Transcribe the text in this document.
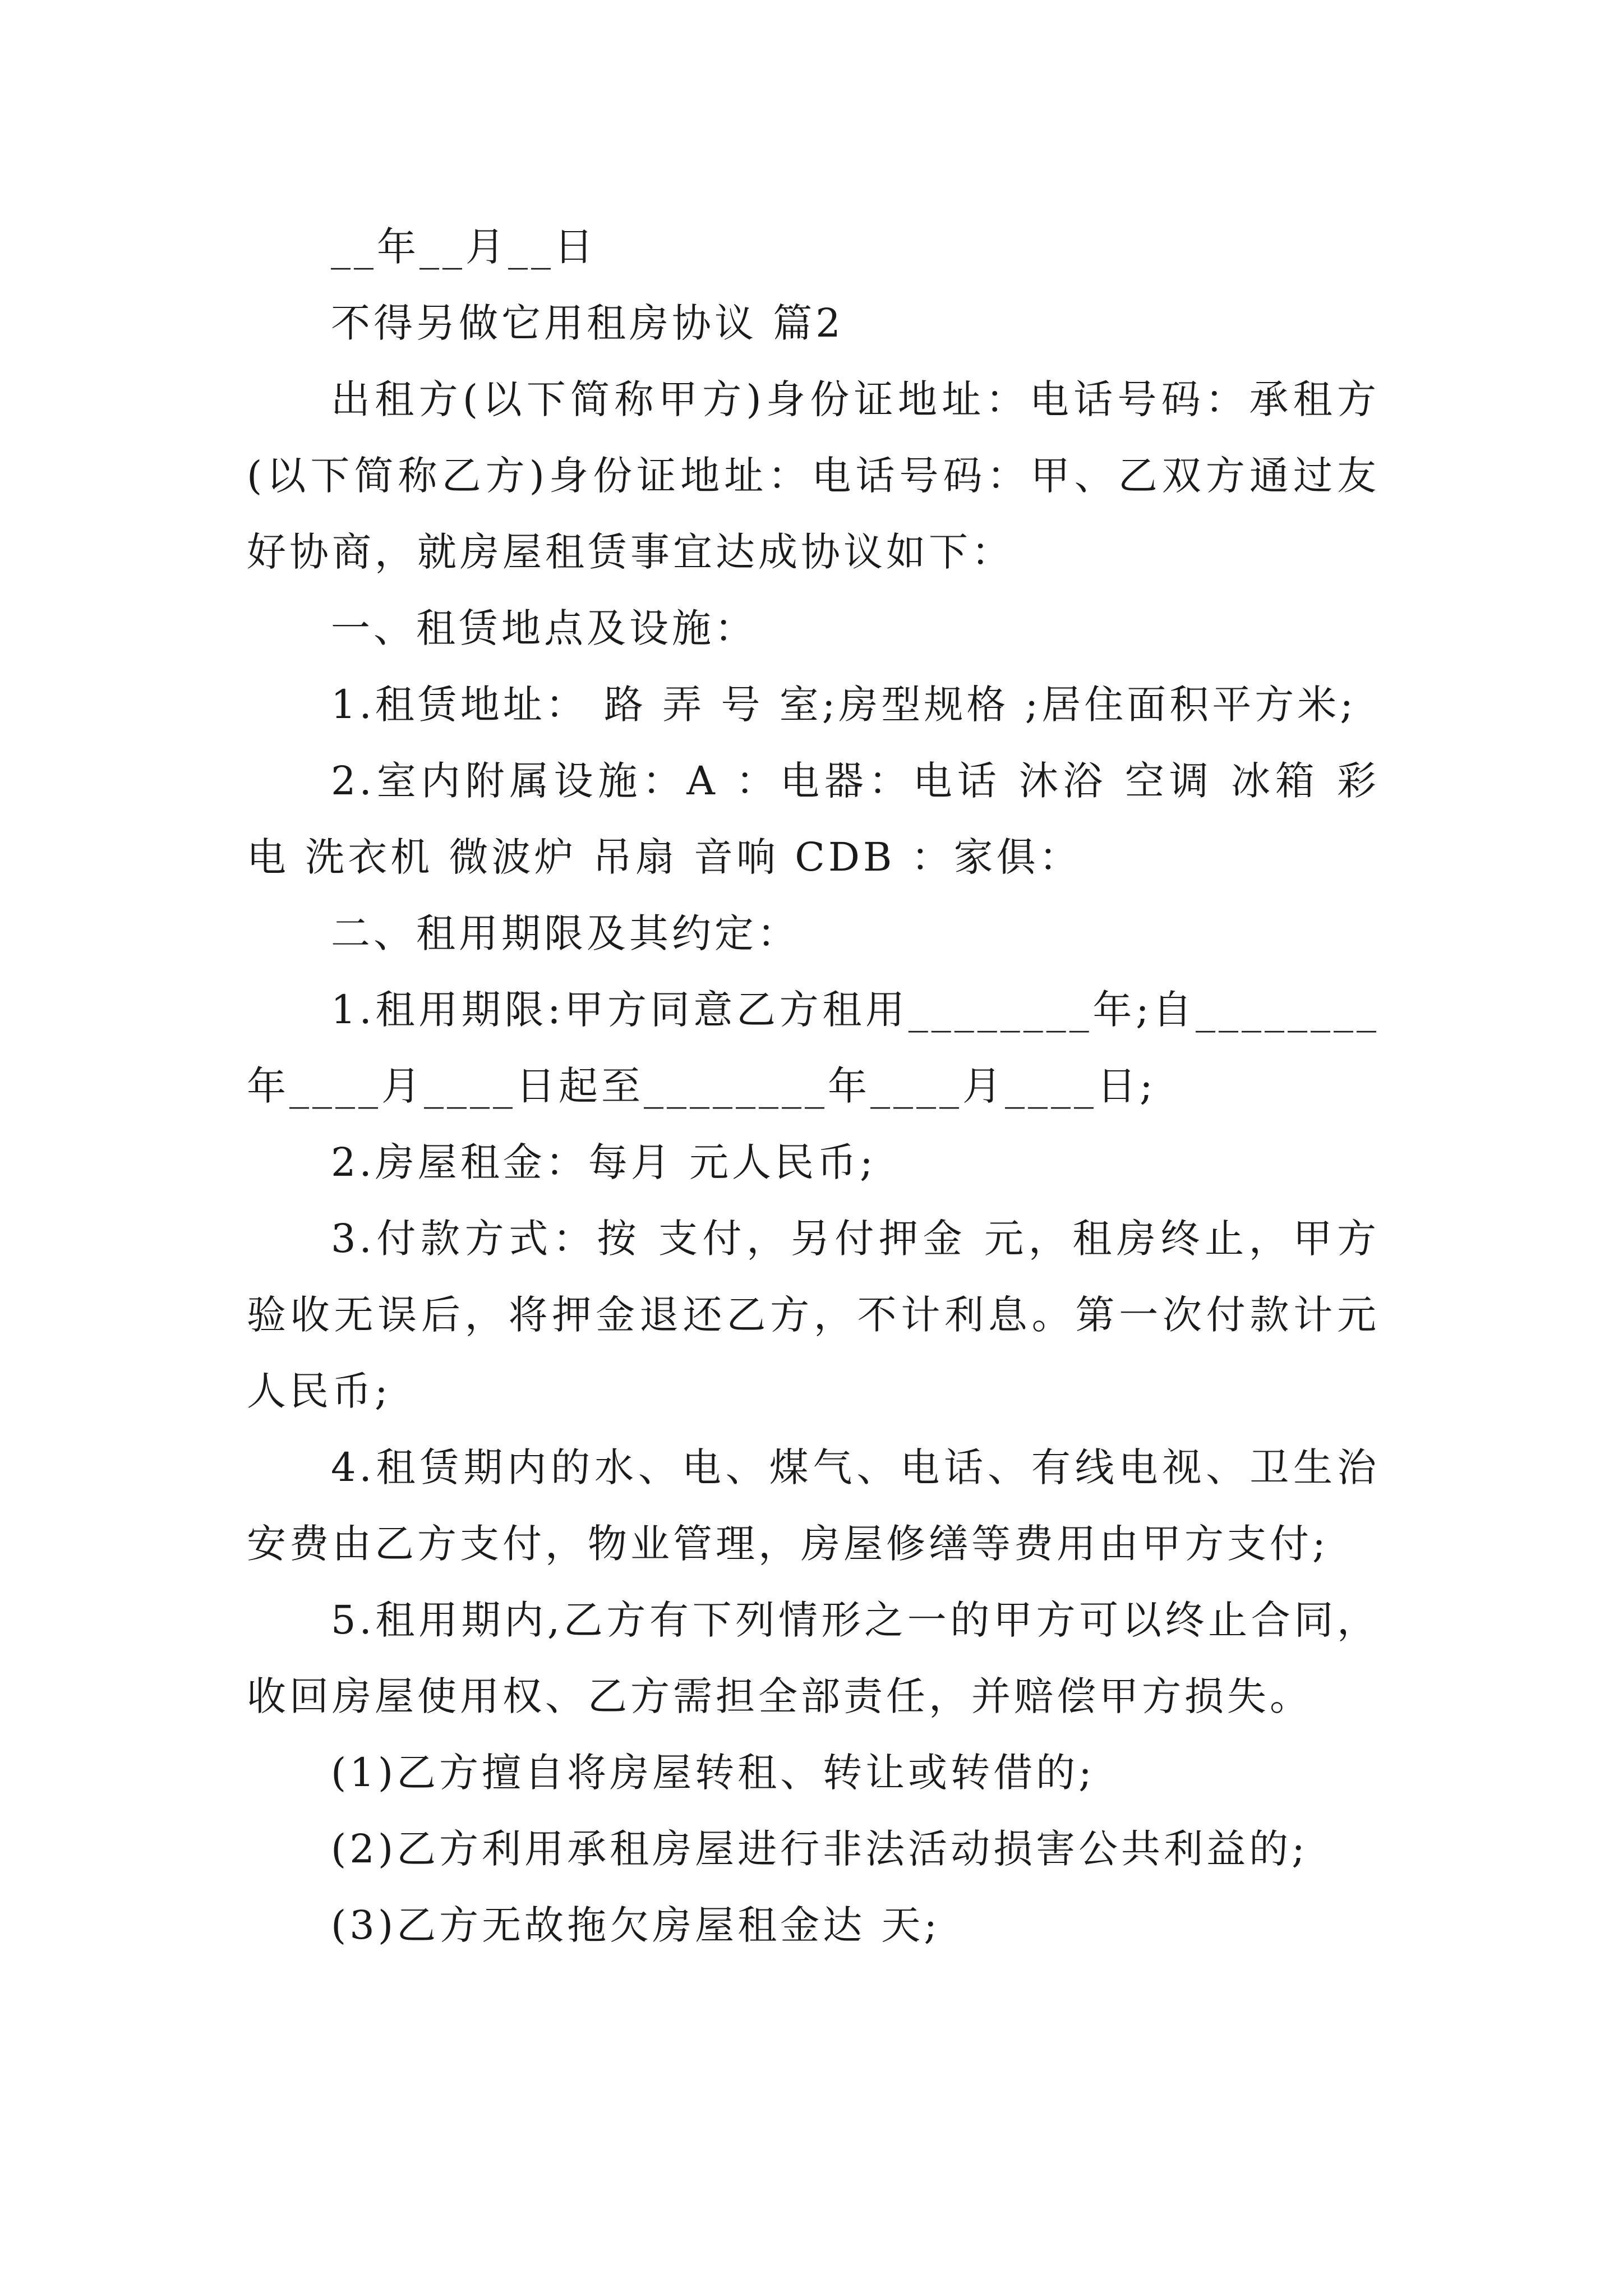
__年__月__日

不得另做它用租房协议 篇2

出租方(以下简称甲方)身份证地址：电话号码：承租方(以下简称乙方)身份证地址：电话号码：甲、乙双方通过友好协商，就房屋租赁事宜达成协议如下：

一、租赁地点及设施：

1.租赁地址： 路 弄 号 室;房型规格 ;居住面积平方米;

2.室内附属设施：A ：电器：电话 沐浴 空调 冰箱 彩电 洗衣机 微波炉 吊扇 音响 CDB ：家俱：

二、租用期限及其约定：

1.租用期限:甲方同意乙方租用________年;自________年____月____日起至________年____月____日;

2.房屋租金：每月 元人民币;

3.付款方式：按 支付，另付押金 元，租房终止，甲方验收无误后，将押金退还乙方，不计利息。第一次付款计元人民币;

4.租赁期内的水、电、煤气、电话、有线电视、卫生治安费由乙方支付，物业管理，房屋修缮等费用由甲方支付;

5.租用期内,乙方有下列情形之一的甲方可以终止合同，收回房屋使用权、乙方需担全部责任，并赔偿甲方损失。

(1)乙方擅自将房屋转租、转让或转借的;

(2)乙方利用承租房屋进行非法活动损害公共利益的;

(3)乙方无故拖欠房屋租金达 天;
